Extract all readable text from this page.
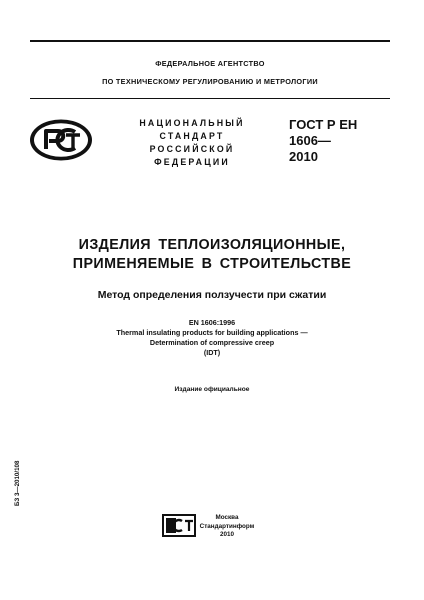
ФЕДЕРАЛЬНОЕ АГЕНТСТВО
ПО ТЕХНИЧЕСКОМУ РЕГУЛИРОВАНИЮ И МЕТРОЛОГИИ
НАЦИОНАЛЬНЫЙ
СТАНДАРТ
РОССИЙСКОЙ
ФЕДЕРАЦИИ
ГОСТ Р ЕН
1606—
2010
ИЗДЕЛИЯ ТЕПЛОИЗОЛЯЦИОННЫЕ,
ПРИМЕНЯЕМЫЕ В СТРОИТЕЛЬСТВЕ
Метод определения ползучести при сжатии
EN 1606:1996
Thermal insulating products for building applications —
Determination of compressive creep
(IDT)
Издание официальное
БЗ 3—2010/108
Москва
Стандартинформ
2010
